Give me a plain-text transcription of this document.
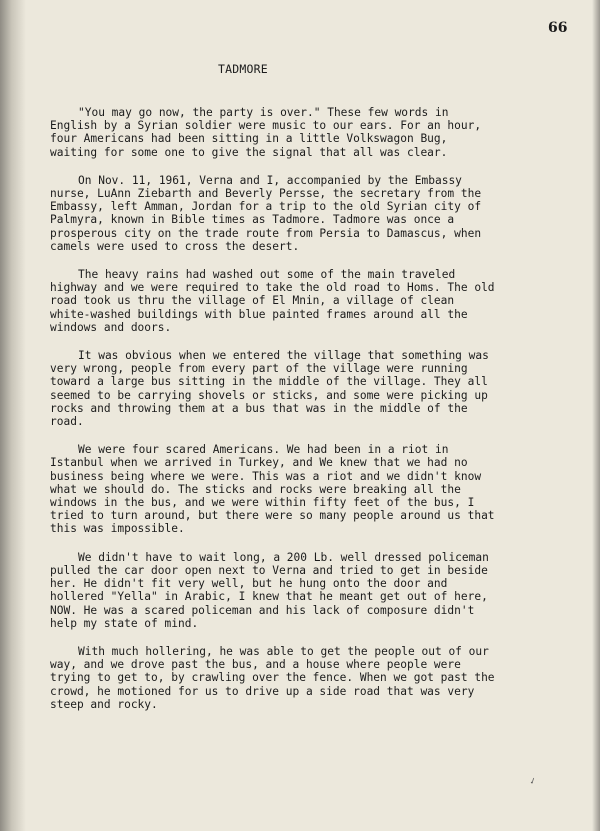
66
TADMORE

"You may go now, the party is over." These few words in English by a Syrian soldier were music to our ears. For an hour, four Americans had been sitting in a little Volkswagon Bug, waiting for some one to give the signal that all was clear.

On Nov. 11, 1961, Verna and I, accompanied by the Embassy nurse, LuAnn Ziebarth and Beverly Persse, the secretary from the Embassy, left Amman, Jordan for a trip to the old Syrian city of Palmyra, known in Bible times as Tadmore. Tadmore was once a prosperous city on the trade route from Persia to Damascus, when camels were used to cross the desert.

The heavy rains had washed out some of the main traveled highway and we were required to take the old road to Homs. The old road took us thru the village of El Mnin, a village of clean white-washed buildings with blue painted frames around all the windows and doors.

It was obvious when we entered the village that something was very wrong, people from every part of the village were running toward a large bus sitting in the middle of the village. They all seemed to be carrying shovels or sticks, and some were picking up rocks and throwing them at a bus that was in the middle of the road.

We were four scared Americans. We had been in a riot in Istanbul when we arrived in Turkey, and We knew that we had no business being where we were. This was a riot and we didn't know what we should do. The sticks and rocks were breaking all the windows in the bus, and we were within fifty feet of the bus, I tried to turn around, but there were so many people around us that this was impossible.

We didn't have to wait long, a 200 Lb. well dressed policeman pulled the car door open next to Verna and tried to get in beside her. He didn't fit very well, but he hung onto the door and hollered "Yella" in Arabic, I knew that he meant get out of here, NOW. He was a scared policeman and his lack of composure didn't help my state of mind.

With much hollering, he was able to get the people out of our way, and we drove past the bus, and a house where people were trying to get to, by crawling over the fence. When we got past the crowd, he motioned for us to drive up a side road that was very steep and rocky.

✓
